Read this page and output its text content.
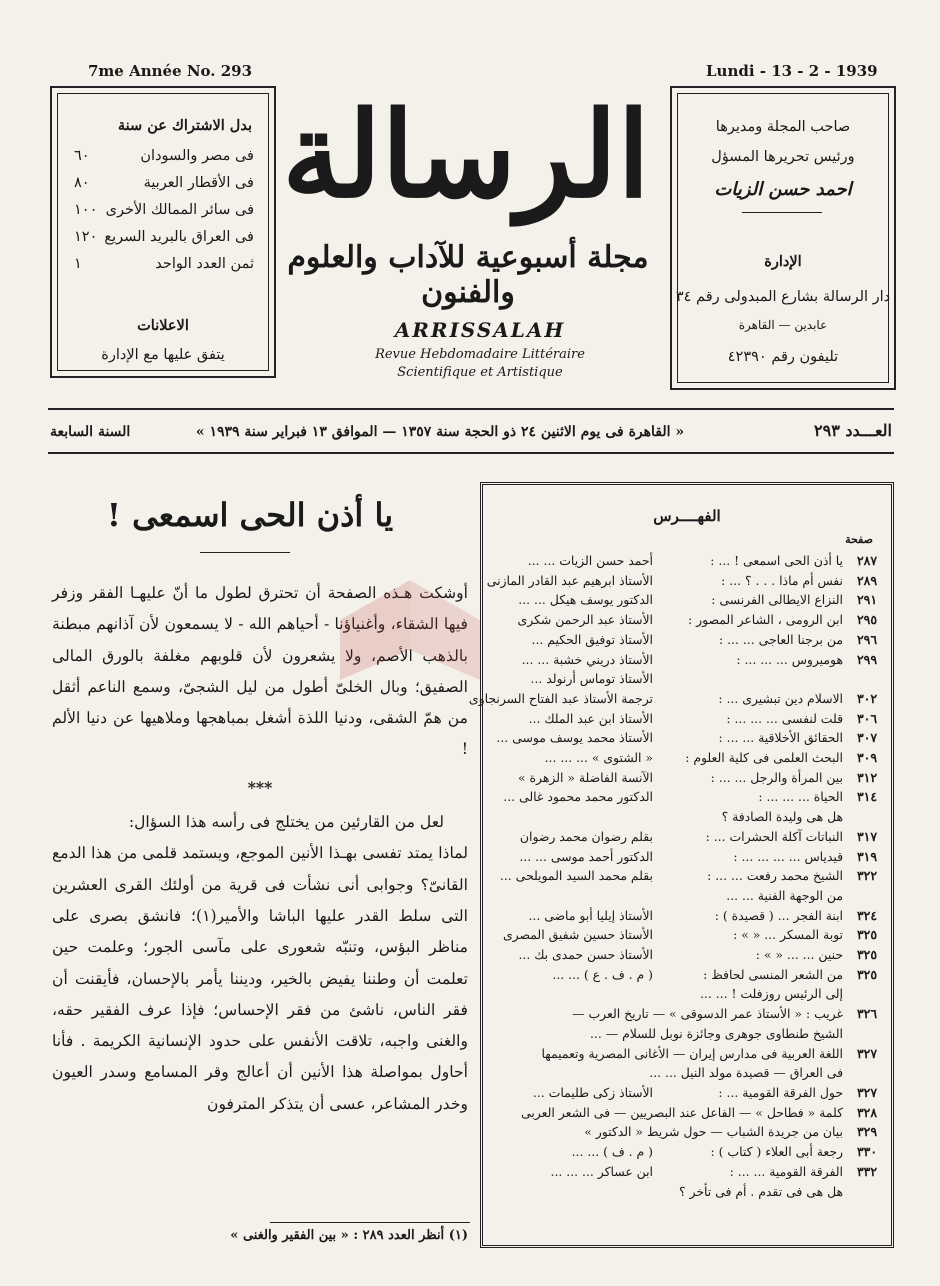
7me Année No. 293	Lundi - 13 - 2 - 1939
بدل الاشتراك عن سنة
فى مصر والسودان
٦٠
فى الأقطار العربية
٨٠
فى سائر الممالك الأخرى
١٠٠
فى العراق بالبريد السريع
١٢٠
ثمن العدد الواحد
١
الاعلانات
يتفق عليها مع الإدارة
الرسالة
مجلة أسبوعية للآداب والعلوم والفنون
ARRISSALAH
Revue Hebdomadaire Littéraire
Scientifique et Artistique
صاحب المجلة ومديرها
ورئيس تحريرها المسؤل
احمد حسن الزيات
الإدارة
دار الرسالة بشارع المبدولى رقم ٣٤
عابدين — القاهرة
تليفون رقم ٤٢٣٩٠
العـــدد ٢٩٣
« القاهرة فى يوم الاثنين ٢٤ ذو الحجة سنة ١٣٥٧ — الموافق ١٣ فبراير سنة ١٩٣٩ »
السنة السابعة
يا أذن الحى اسمعى !

أوشكت هـذه الصفحة أن تحترق لطول ما أنّ عليهـا الفقر وزفر فيها الشقاء، وأغنياؤنا - أحياهم الله - لا يسمعون لأن آذانهم مبطنة بالذهب الأصم، ولا يشعرون لأن قلوبهم مغلفة بالورق المالى الصفيق؛ وبال الخلىّ أطول من ليل الشجىّ، وسمع الناعم أثقل من همّ الشقى، ودنيا اللذة أشغل بمباهجها وملاهيها عن دنيا الألم !

***

لعل من القارئين من يختلج فى رأسه هذا السؤال:

لماذا يمتد تفسى بهـذا الأنين الموجع، ويستمد قلمى من هذا الدمع القانىّ؟ وجوابى أنى نشأت فى قرية من أولئك القرى العشرين التى سلط القدر عليها الباشا والأمير(١)؛ فانشق بصرى على مناظر البؤس، وتنبّه شعورى على مآسى الجور؛ وعلمت حين تعلمت أن وطننا يفيض بالخير، وديننا يأمر بالإحسان، فأيقنت أن فقر الناس، ناشئ من فقر الإحساس؛ فإذا عرف الفقير حقه، والغنى واجبه، تلاقت الأنفس على حدود الإنسانية الكريمة . فأنا أحاول بمواصلة هذا الأنين أن أعالج وقر المسامع وسدر العيون وخدر المشاعر، عسى أن يتذكر المترفون

(١) أنظر العدد ٢٨٩ : « بين الفقير والغنى »
الفهــــرس
صفحة
٢٨٧
يا أذن الحى اسمعى ! ... :
أحمد حسن الزيات ... ...
٢٨٩
نفس أم ماذا . . . ؟ ... :
الأستاذ ابرهيم عبد القادر المازنى
٢٩١
النزاع الايطالى الفرنسى :
الدكتور يوسف هيكل ... ...
٢٩٥
ابن الرومى ، الشاعر المصور :
الأستاذ عبد الرحمن شكرى
٢٩٦
من برجنا العاجى ... ... :
الأستاذ توفيق الحكيم ...
٢٩٩
هوميروس ... ... ... :
الأستاذ دريني خشبة ... ...
الأستاذ توماس أرنولد ...
٣٠٢
الاسلام دين تبشيرى ... :
ترجمة الأستاذ عبد الفتاح السرنجاوى
٣٠٦
قلت لنفسى ... ... ... :
الأستاذ ابن عبد الملك ...
٣٠٧
الحقائق الأخلاقية ... ... :
الأستاذ محمد يوسف موسى ...
٣٠٩
البحث العلمى فى كلية العلوم :
« الشتوى » ... ... ...
٣١٢
بين المرأة والرجل ... ... :
الآنسة الفاضلة « الزهرة »
٣١٤
الحياة ... ... ... :
الدكتور محمد محمود غالى ...
هل هى وليدة الصادفة ؟
٣١٧
النباتات آكلة الحشرات ... :
بقلم رضوان محمد رضوان
٣١٩
قيدياس ... ... ... ... :
الدكتور أحمد موسى ... ...
٣٢٢
الشيخ محمد رفعت ... ... :
بقلم محمد السيد المويلحى ...
من الوجهة الفنية ... ...
٣٢٤
ابنة الفجر ... ( قصيدة ) :
الأستاذ إيليا أبو ماضى ...
٣٢٥
توبة المسكر ... « » :
الأستاذ حسين شفيق المصرى
٣٢٥
حنين ... ... « » :
الأستاذ حسن حمدى بك ...
٣٢٥
من الشعر المنسى لحافظ :
( م . ف . ع ) ... ...
إلى الرئيس روزفلت ! ... ...
٣٢٦
غريب : « الأستاذ عمر الدسوقى » — تاريخ العرب —
الشيخ طنطاوى جوهرى وجائزة نوبل للسلام — ...
٣٢٧
اللغة العربية فى مدارس إيران — الأغانى المصرية وتعميمها
فى العراق — قصيدة مولد النيل ... ...
٣٢٧
حول الفرقة القومية ... :
الأستاذ زكى طليمات ...
٣٢٨
كلمة « فطاحل » — الفاعل عند البصريين — فى الشعر العربى
٣٢٩
بيان من جريدة الشباب — حول شريط « الدكتور »
٣٣٠
رجعة أبى العلاء ( كتاب ) :
( م . ف ) ... ...
٣٣٢
الفرقة القومية ... ... :
ابن عساكر ... ... ...
هل هى فى تقدم . أم فى تأخر ؟
